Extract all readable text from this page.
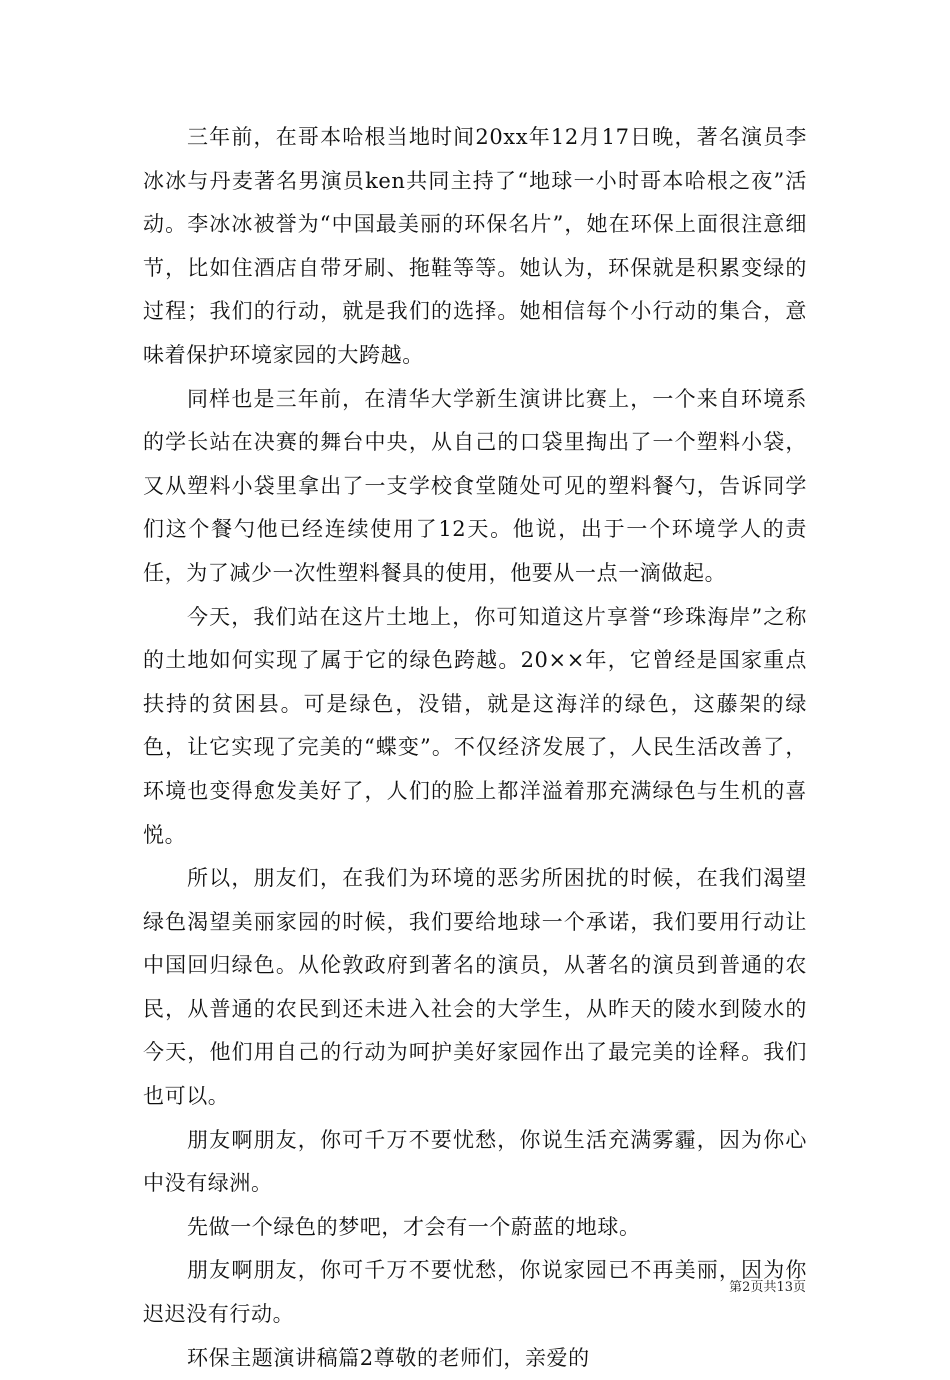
三年前，在哥本哈根当地时间20xx年12月17日晚，著名演员李冰冰与丹麦著名男演员ken共同主持了“地球一小时哥本哈根之夜”活动。李冰冰被誉为“中国最美丽的环保名片”，她在环保上面很注意细节，比如住酒店自带牙刷、拖鞋等等。她认为，环保就是积累变绿的过程；我们的行动，就是我们的选择。她相信每个小行动的集合，意味着保护环境家园的大跨越。

同样也是三年前，在清华大学新生演讲比赛上，一个来自环境系的学长站在决赛的舞台中央，从自己的口袋里掏出了一个塑料小袋，又从塑料小袋里拿出了一支学校食堂随处可见的塑料餐勺，告诉同学们这个餐勺他已经连续使用了12天。他说，出于一个环境学人的责任，为了减少一次性塑料餐具的使用，他要从一点一滴做起。

今天，我们站在这片土地上，你可知道这片享誉“珍珠海岸”之称的土地如何实现了属于它的绿色跨越。20××年，它曾经是国家重点扶持的贫困县。可是绿色，没错，就是这海洋的绿色，这藤架的绿色，让它实现了完美的“蝶变”。不仅经济发展了，人民生活改善了，环境也变得愈发美好了，人们的脸上都洋溢着那充满绿色与生机的喜悦。

所以，朋友们，在我们为环境的恶劣所困扰的时候，在我们渴望绿色渴望美丽家园的时候，我们要给地球一个承诺，我们要用行动让中国回归绿色。从伦敦政府到著名的演员，从著名的演员到普通的农民，从普通的农民到还未进入社会的大学生，从昨天的陵水到陵水的今天，他们用自己的行动为呵护美好家园作出了最完美的诠释。我们也可以。

朋友啊朋友，你可千万不要忧愁，你说生活充满雾霾，因为你心中没有绿洲。

先做一个绿色的梦吧，才会有一个蔚蓝的地球。

朋友啊朋友，你可千万不要忧愁，你说家园已不再美丽，因为你迟迟没有行动。

环保主题演讲稿篇2尊敬的老师们，亲爱的

第2页共13页
